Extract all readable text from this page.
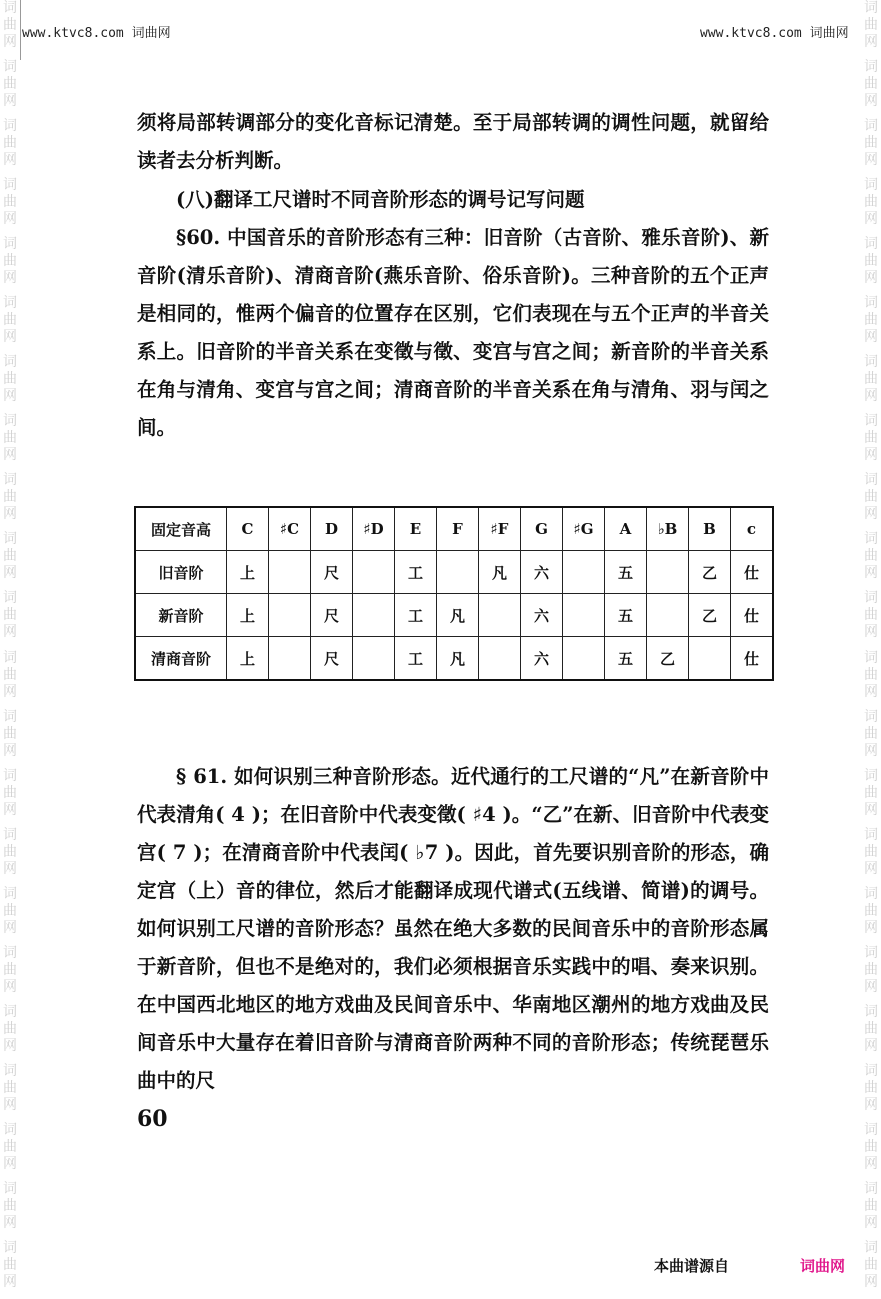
词
曲
网
词
曲
网
词
曲
网
词
曲
网
词
曲
网
词
曲
网
词
曲
网
词
曲
网
词
曲
网
词
曲
网
词
曲
网
词
曲
网
词
曲
网
词
曲
网
词
曲
网
词
曲
网
词
曲
网
词
曲
网
词
曲
网
词
曲
网
词
曲
网
词
曲
网
词
曲
网
词
曲
网
词
曲
网
词
曲
网
词
曲
网
词
曲
网
词
曲
网
词
曲
网
词
曲
网
词
曲
网
词
曲
网
词
曲
网
词
曲
网
词
曲
网
词
曲
网
词
曲
网
词
曲
网
词
曲
网
词
曲
网
词
曲
网
词
曲
网
词
曲
网
www.ktvc8.com 词曲网	www.ktvc8.com 词曲网

须将局部转调部分的变化音标记清楚。至于局部转调的调性问题，就留给读者去分析判断。

(八)翻译工尺谱时不同音阶形态的调号记写问题

§60. 中国音乐的音阶形态有三种：旧音阶（古音阶、雅乐音阶)、新音阶(清乐音阶)、清商音阶(燕乐音阶、俗乐音阶)。三种音阶的五个正声是相同的，惟两个偏音的位置存在区别，它们表现在与五个正声的半音关系上。旧音阶的半音关系在变徵与徵、变宫与宫之间；新音阶的半音关系在角与清角、变宫与宫之间；清商音阶的半音关系在角与清角、羽与闰之间。

固定音高	C	♯C	D	♯D	E	F	♯F	G	♯G	A	♭B	B	c
旧音阶	上		尺		工		凡	六		五		乙	仕
新音阶	上		尺		工	凡		六		五		乙	仕
清商音阶	上		尺		工	凡		六		五	乙		仕

§ 61. 如何识别三种音阶形态。近代通行的工尺谱的“凡”在新音阶中代表清角( 4 )；在旧音阶中代表变徵( ♯4 )。“乙”在新、旧音阶中代表变宫( 7 )；在清商音阶中代表闰( ♭7 )。因此，首先要识别音阶的形态，确定宫（上）音的律位，然后才能翻译成现代谱式(五线谱、简谱)的调号。如何识别工尺谱的音阶形态？虽然在绝大多数的民间音乐中的音阶形态属于新音阶，但也不是绝对的，我们必须根据音乐实践中的唱、奏来识别。在中国西北地区的地方戏曲及民间音乐中、华南地区潮州的地方戏曲及民间音乐中大量存在着旧音阶与清商音阶两种不同的音阶形态；传统琵琶乐曲中的尺

60
本曲谱源自	词曲网
